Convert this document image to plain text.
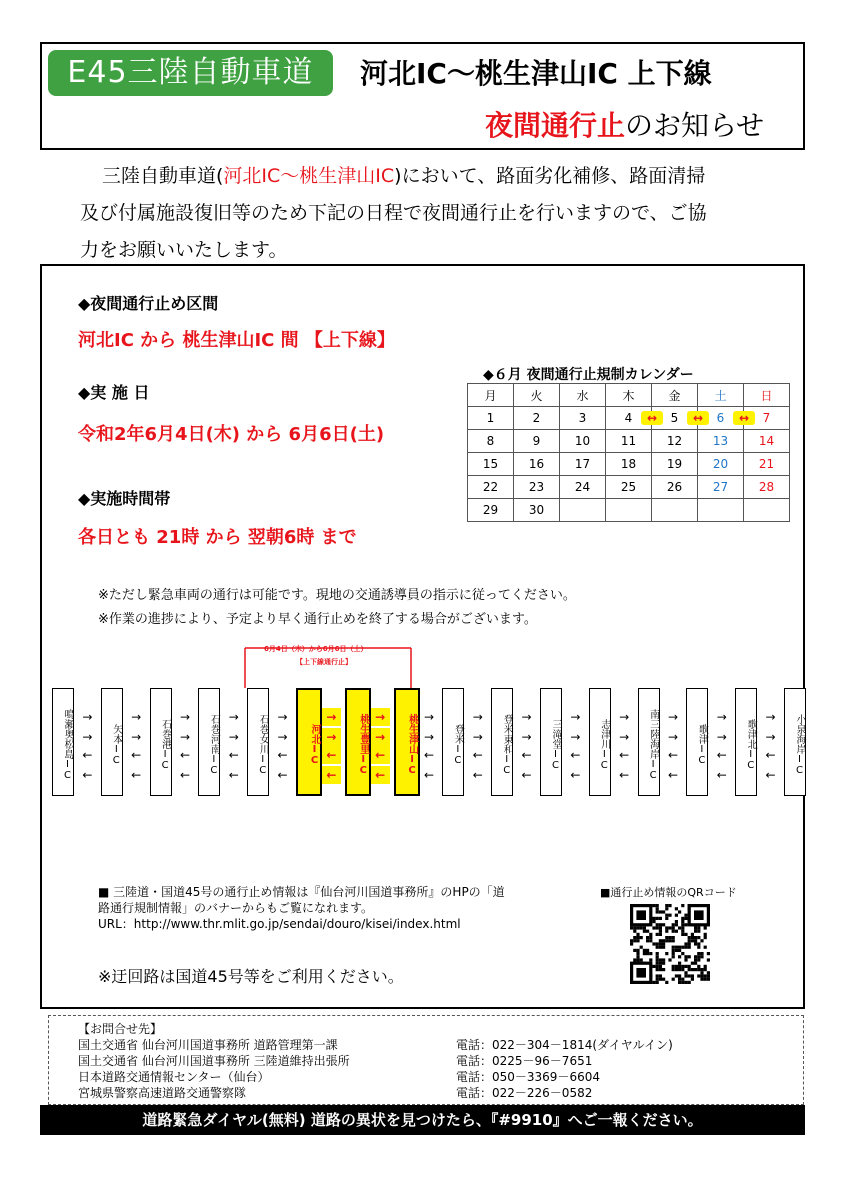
E45三陸自動車道	河北IC～桃生津山IC 上下線
夜間通行止のお知らせ
三陸自動車道(河北IC～桃生津山IC)において、路面劣化補修、路面清掃
及び付属施設復旧等のため下記の日程で夜間通行止を行いますので、ご協
力をお願いいたします。
◆夜間通行止め区間
河北IC から 桃生津山IC 間 【上下線】
◆実 施 日
令和2年6月4日(木) から 6月6日(土)
◆実施時間帯
各日とも 21時 から 翌朝6時 まで
◆６月 夜間通行止規制カレンダー
月	火	水	木	金	土	日
1	2	3	4 ↔	5 ↔	6 ↔	7
8	9	10	11	12	13	14
15	16	17	18	19	20	21
22	23	24	25	26	27	28
29	30					
※ただし緊急車両の通行は可能です。現地の交通誘導員の指示に従ってください。
※作業の進捗により、予定より早く通行止めを終了する場合がございます。
6月4日（木）から6月6日（土）
【上下線通行止】
鳴瀬奥松島IC →
→
←
←
矢本IC
→
→
←
←
石巻港IC
→
→
←
←	石巻河南IC →
→
←
←	石巻女川IC →
→
←
←
河北IC
→
→
←
←	桃生豊里IC →
→
←
←	桃生津山IC →
→
←
←
登米IC
→
→
←
←	登米東和IC →
→
←
←
三滝堂IC
→
→
←
←
志津川IC
→
→
←
←	南三陸海岸IC →
→
←
←
歌津IC
→
→
←
←
歌津北IC
→
→
←
←	小泉海岸IC
■ 三陸道・国道45号の通行止め情報は『仙台河川国道事務所』のHPの「道
路通行規制情報」のバナーからもご覧になれます。
URL：http://www.thr.mlit.go.jp/sendai/douro/kisei/index.html
※迂回路は国道45号等をご利用ください。
■通行止め情報のQRコード
【お問合せ先】
国土交通省 仙台河川国道事務所 道路管理第一課	電話：022－304－1814(ダイヤルイン)
国土交通省 仙台河川国道事務所 三陸道維持出張所	電話：0225－96－7651
日本道路交通情報センター（仙台）	電話：050－3369－6604
宮城県警察高速道路交通警察隊	電話：022－226－0582
道路緊急ダイヤル(無料) 道路の異状を見つけたら、『#9910』へご一報ください。
